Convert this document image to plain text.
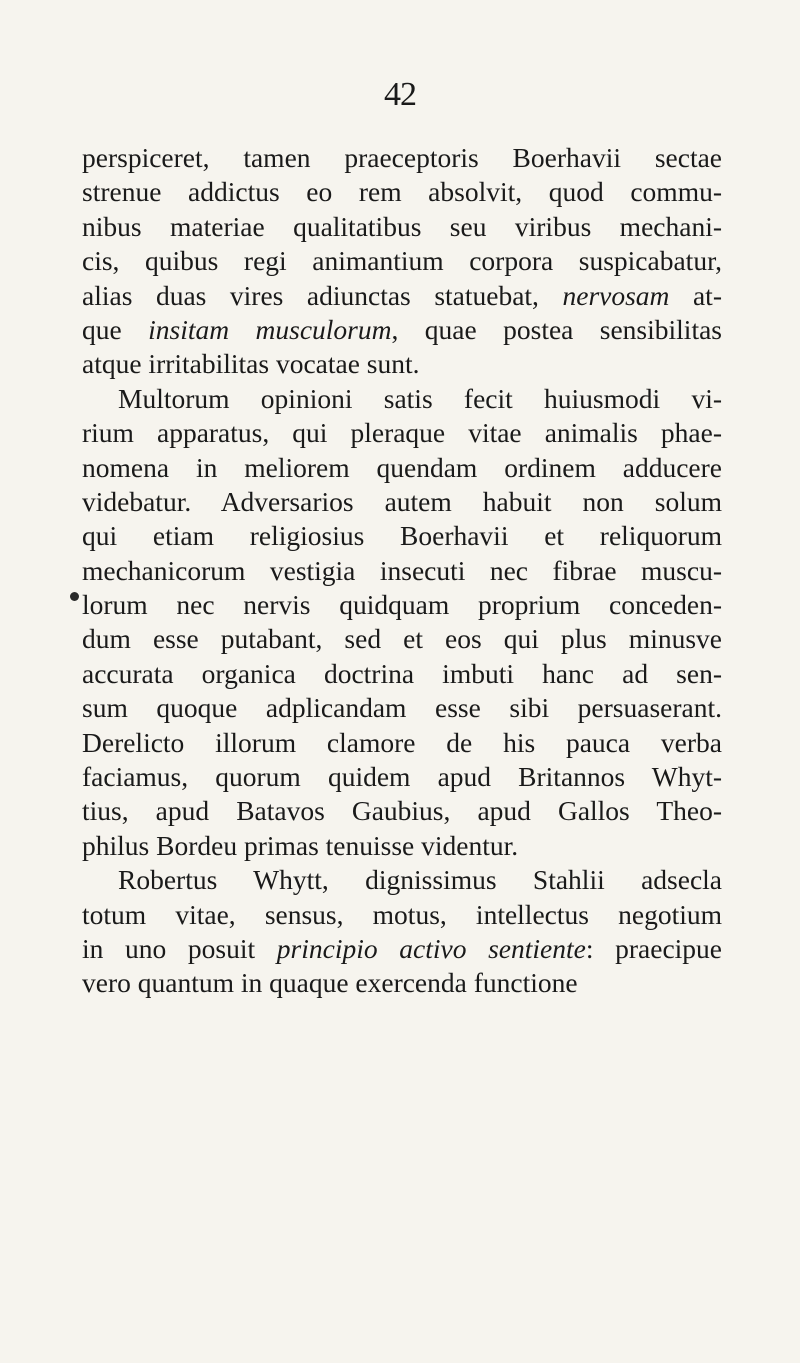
42
perspiceret, tamen praeceptoris Boerhavii sectae
strenue addictus eo rem absolvit, quod commu-
nibus materiae qualitatibus seu viribus mechani-
cis, quibus regi animantium corpora suspicabatur,
alias duas vires adiunctas statuebat, nervosam at-
que insitam musculorum, quae postea sensibilitas
atque irritabilitas vocatae sunt.
Multorum opinioni satis fecit huiusmodi vi-
rium apparatus, qui pleraque vitae animalis phae-
nomena in meliorem quendam ordinem adducere
videbatur. Adversarios autem habuit non solum
qui etiam religiosius Boerhavii et reliquorum
mechanicorum vestigia insecuti nec fibrae muscu-
lorum nec nervis quidquam proprium conceden-
dum esse putabant, sed et eos qui plus minusve
accurata organica doctrina imbuti hanc ad sen-
sum quoque adplicandam esse sibi persuaserant.
Derelicto illorum clamore de his pauca verba
faciamus, quorum quidem apud Britannos Whyt-
tius, apud Batavos Gaubius, apud Gallos Theo-
philus Bordeu primas tenuisse videntur.
Robertus Whytt, dignissimus Stahlii adsecla
totum vitae, sensus, motus, intellectus negotium
in uno posuit principio activo sentiente: praecipue
vero quantum in quaque exercenda functione
